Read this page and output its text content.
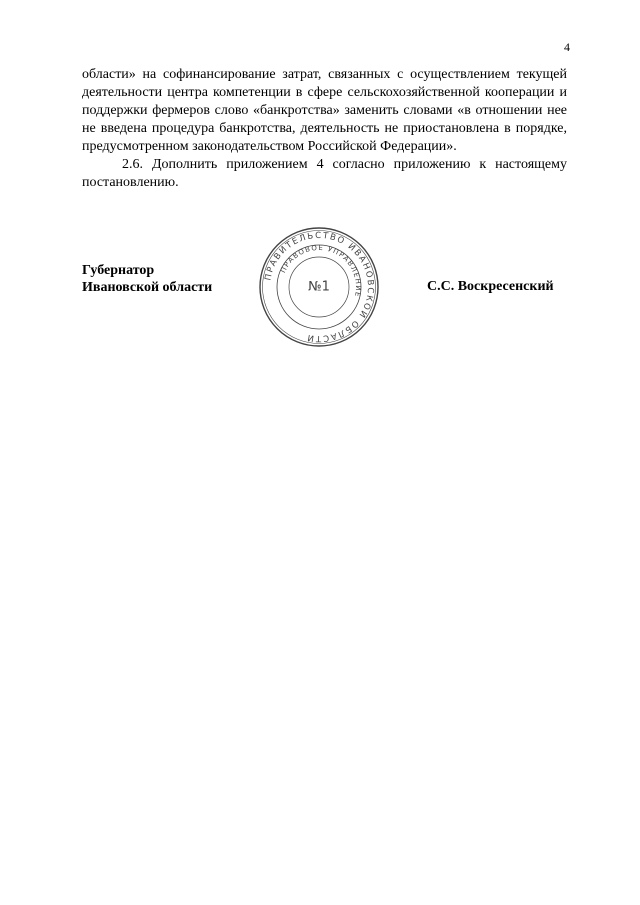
4

области» на софинансирование затрат, связанных с осуществлением текущей деятельности центра компетенции в сфере сельскохозяйственной кооперации и поддержки фермеров слово «банкротства» заменить словами «в отношении нее не введена процедура банкротства, деятельность не приостановлена в порядке, предусмотренном законодательством Российской Федерации».

2.6. Дополнить приложением 4 согласно приложению к настоящему постановлению.

Губернатор
Ивановской области	С.С. Воскресенский
ПРАВИТЕЛЬСТВО ИВАНОВСКОЙ ОБЛАСТИ
ПРАВОВОЕ УПРАВЛЕНИЕ
№1
